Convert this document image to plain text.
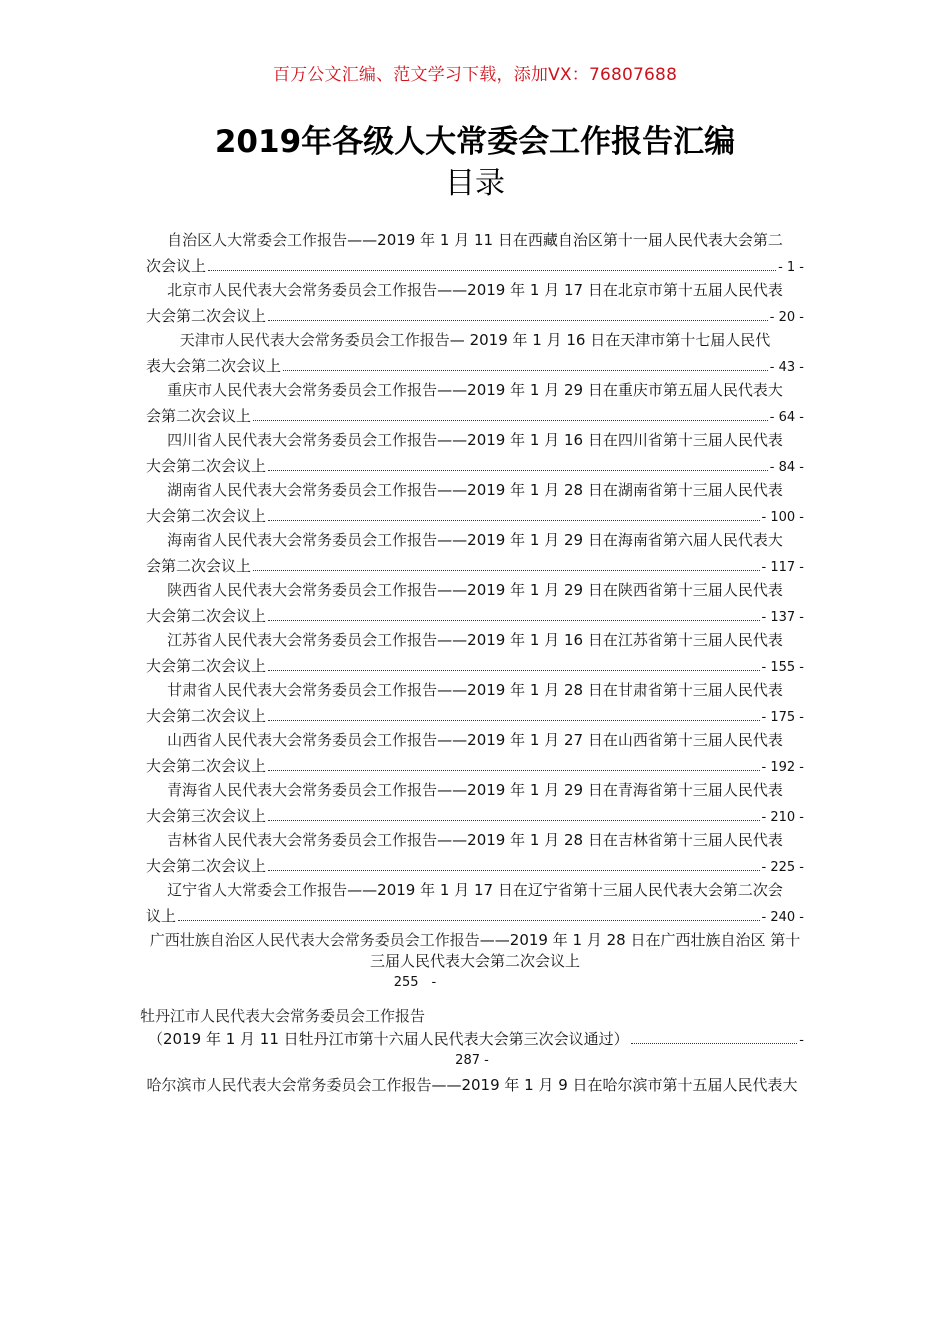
百万公文汇编、范文学习下载，添加VX：76807688
2019年各级人大常委会工作报告汇编
目录
自治区人大常委会工作报告——2019 年 1 月 11 日在西藏自治区第十一届人民代表大会第二
次会议上	- 1 -
北京市人民代表大会常务委员会工作报告——2019 年 1 月 17 日在北京市第十五届人民代表
大会第二次会议上	- 20 -
天津市人民代表大会常务委员会工作报告— 2019 年 1 月 16 日在天津市第十七届人民代
表大会第二次会议上	- 43 -
重庆市人民代表大会常务委员会工作报告——2019 年 1 月 29 日在重庆市第五届人民代表大
会第二次会议上	- 64 -
四川省人民代表大会常务委员会工作报告——2019 年 1 月 16 日在四川省第十三届人民代表
大会第二次会议上	- 84 -
湖南省人民代表大会常务委员会工作报告——2019 年 1 月 28 日在湖南省第十三届人民代表
大会第二次会议上	- 100 -
海南省人民代表大会常务委员会工作报告——2019 年 1 月 29 日在海南省第六届人民代表大
会第二次会议上	- 117 -
陕西省人民代表大会常务委员会工作报告——2019 年 1 月 29 日在陕西省第十三届人民代表
大会第二次会议上	- 137 -
江苏省人民代表大会常务委员会工作报告——2019 年 1 月 16 日在江苏省第十三届人民代表
大会第二次会议上	- 155 -
甘肃省人民代表大会常务委员会工作报告——2019 年 1 月 28 日在甘肃省第十三届人民代表
大会第二次会议上	- 175 -
山西省人民代表大会常务委员会工作报告——2019 年 1 月 27 日在山西省第十三届人民代表
大会第二次会议上	- 192 -
青海省人民代表大会常务委员会工作报告——2019 年 1 月 29 日在青海省第十三届人民代表
大会第三次会议上	- 210 -
吉林省人民代表大会常务委员会工作报告——2019 年 1 月 28 日在吉林省第十三届人民代表
大会第二次会议上	- 225 -
辽宁省人大常委会工作报告——2019 年 1 月 17 日在辽宁省第十三届人民代表大会第二次会
议上	- 240 -
广西壮族自治区人民代表大会常务委员会工作报告——2019 年 1 月 28 日在广西壮族自治区 第十三届人民代表大会第二次会议上
255　-
牡丹江市人民代表大会常务委员会工作报告
（2019 年 1 月 11 日牡丹江市第十六届人民代表大会第三次会议通过）	-
287 -
哈尔滨市人民代表大会常务委员会工作报告——2019 年 1 月 9 日在哈尔滨市第十五届人民代表大
